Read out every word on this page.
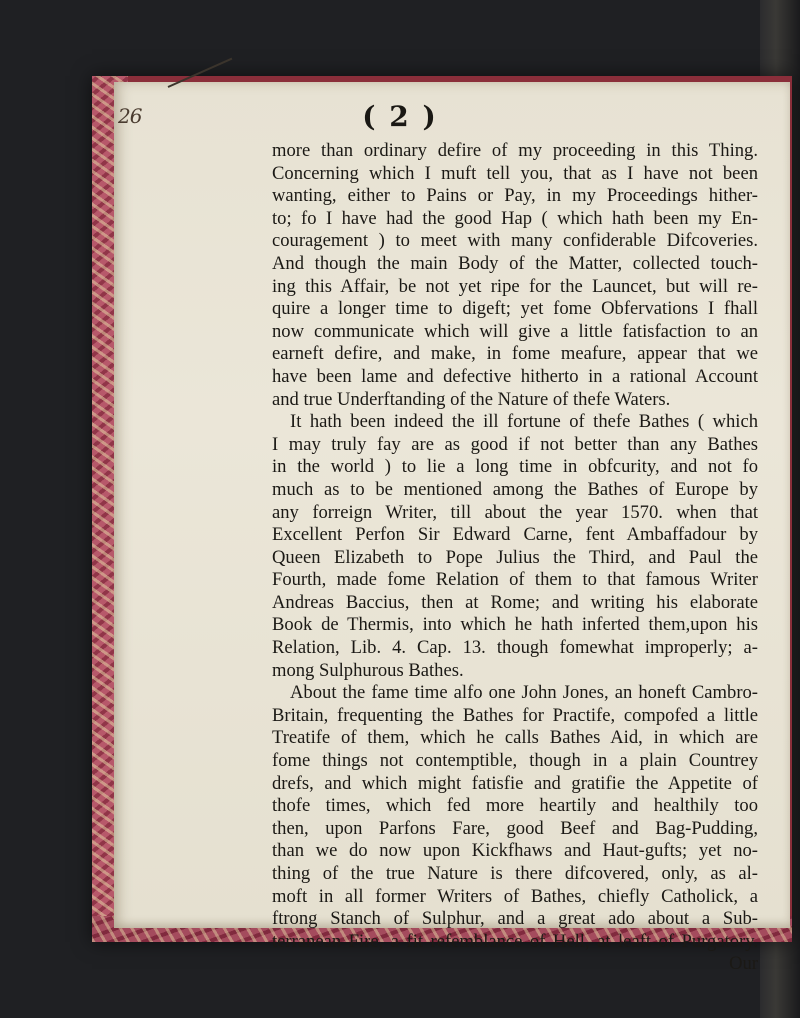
26	( 2 )
more than ordinary defire of my proceeding in this Thing.
Concerning which I muft tell you, that as I have not been
wanting, either to Pains or Pay, in my Proceedings hither-
to; fo I have had the good Hap ( which hath been my En-
couragement ) to meet with many confiderable Difcoveries.
And though the main Body of the Matter, collected touch-
ing this Affair, be not yet ripe for the Launcet, but will re-
quire a longer time to digeft; yet fome Obfervations I fhall
now communicate which will give a little fatisfaction to an
earneft defire, and make, in fome meafure, appear that we
have been lame and defective hitherto in a rational Account
and true Underftanding of the Nature of thefe Waters.
It hath been indeed the ill fortune of thefe Bathes ( which
I may truly fay are as good if not better than any Bathes
in the world ) to lie a long time in obfcurity, and not fo
much as to be mentioned among the Bathes of Europe by
any forreign Writer, till about the year 1570. when that
Excellent Perfon Sir Edward Carne, fent Ambaffadour by
Queen Elizabeth to Pope Julius the Third, and Paul the
Fourth, made fome Relation of them to that famous Writer
Andreas Baccius, then at Rome; and writing his elaborate
Book de Thermis, into which he hath inferted them,upon his
Relation, Lib. 4. Cap. 13. though fomewhat improperly; a-
mong Sulphurous Bathes.
About the fame time alfo one John Jones, an honeft Cambro-
Britain, frequenting the Bathes for Practife, compofed a little
Treatife of them, which he calls Bathes Aid, in which are
fome things not contemptible, though in a plain Countrey
drefs, and which might fatisfie and gratifie the Appetite of
thofe times, which fed more heartily and healthily too
then, upon Parfons Fare, good Beef and Bag-Pudding,
than we do now upon Kickfhaws and Haut-gufts; yet no-
thing of the true Nature is there difcovered, only, as al-
moft in all former Writers of Bathes, chiefly Catholick, a
ftrong Stanch of Sulphur, and a great ado about a Sub-
terranean Fire, a fit refemblance of Hell, at leaft of Purgatory.
Our
